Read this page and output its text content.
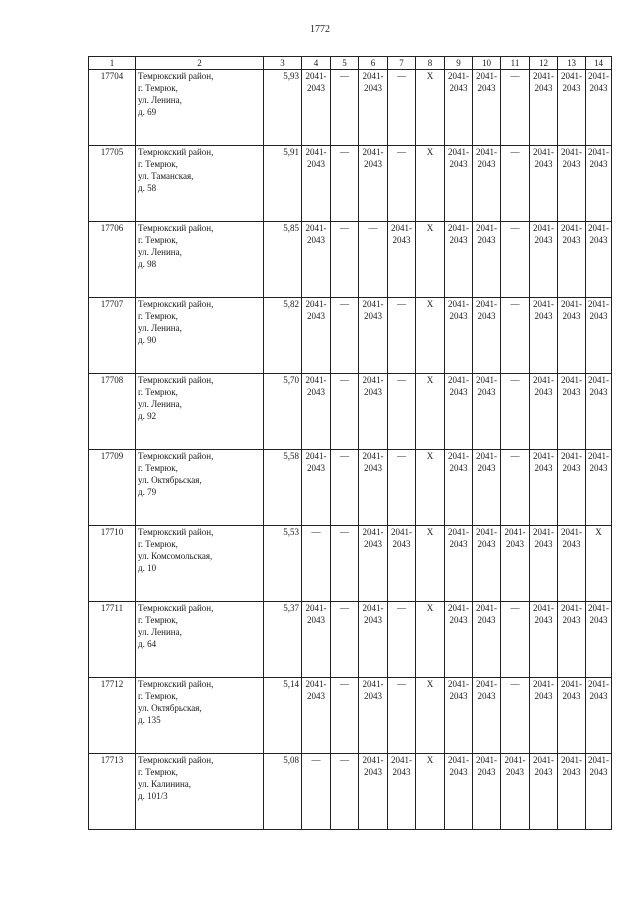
1772
1	2	3	4	5	6	7	8	9	10	11	12	13	14
17704	Темрюкский район,
г. Темрюк,
ул. Ленина,
д. 69	5,93	2041-
2043	—	2041-
2043	—	X	2041-
2043	2041-
2043	—	2041-
2043	2041-
2043	2041-
2043
17705	Темрюкский район,
г. Темрюк,
ул. Таманская,
д. 58	5,91	2041-
2043	—	2041-
2043	—	X	2041-
2043	2041-
2043	—	2041-
2043	2041-
2043	2041-
2043
17706	Темрюкский район,
г. Темрюк,
ул. Ленина,
д. 98	5,85	2041-
2043	—	—	2041-
2043	X	2041-
2043	2041-
2043	—	2041-
2043	2041-
2043	2041-
2043
17707	Темрюкский район,
г. Темрюк,
ул. Ленина,
д. 90	5,82	2041-
2043	—	2041-
2043	—	X	2041-
2043	2041-
2043	—	2041-
2043	2041-
2043	2041-
2043
17708	Темрюкский район,
г. Темрюк,
ул. Ленина,
д. 92	5,70	2041-
2043	—	2041-
2043	—	X	2041-
2043	2041-
2043	—	2041-
2043	2041-
2043	2041-
2043
17709	Темрюкский район,
г. Темрюк,
ул. Октябрьская,
д. 79	5,58	2041-
2043	—	2041-
2043	—	X	2041-
2043	2041-
2043	—	2041-
2043	2041-
2043	2041-
2043
17710	Темрюкский район,
г. Темрюк,
ул. Комсомольская,
д. 10	5,53	—	—	2041-
2043	2041-
2043	X	2041-
2043	2041-
2043	2041-
2043	2041-
2043	2041-
2043	X
17711	Темрюкский район,
г. Темрюк,
ул. Ленина,
д. 64	5,37	2041-
2043	—	2041-
2043	—	X	2041-
2043	2041-
2043	—	2041-
2043	2041-
2043	2041-
2043
17712	Темрюкский район,
г. Темрюк,
ул. Октябрьская,
д. 135	5,14	2041-
2043	—	2041-
2043	—	X	2041-
2043	2041-
2043	—	2041-
2043	2041-
2043	2041-
2043
17713	Темрюкский район,
г. Темрюк,
ул. Калинина,
д. 101/3	5,08	—	—	2041-
2043	2041-
2043	X	2041-
2043	2041-
2043	2041-
2043	2041-
2043	2041-
2043	2041-
2043
